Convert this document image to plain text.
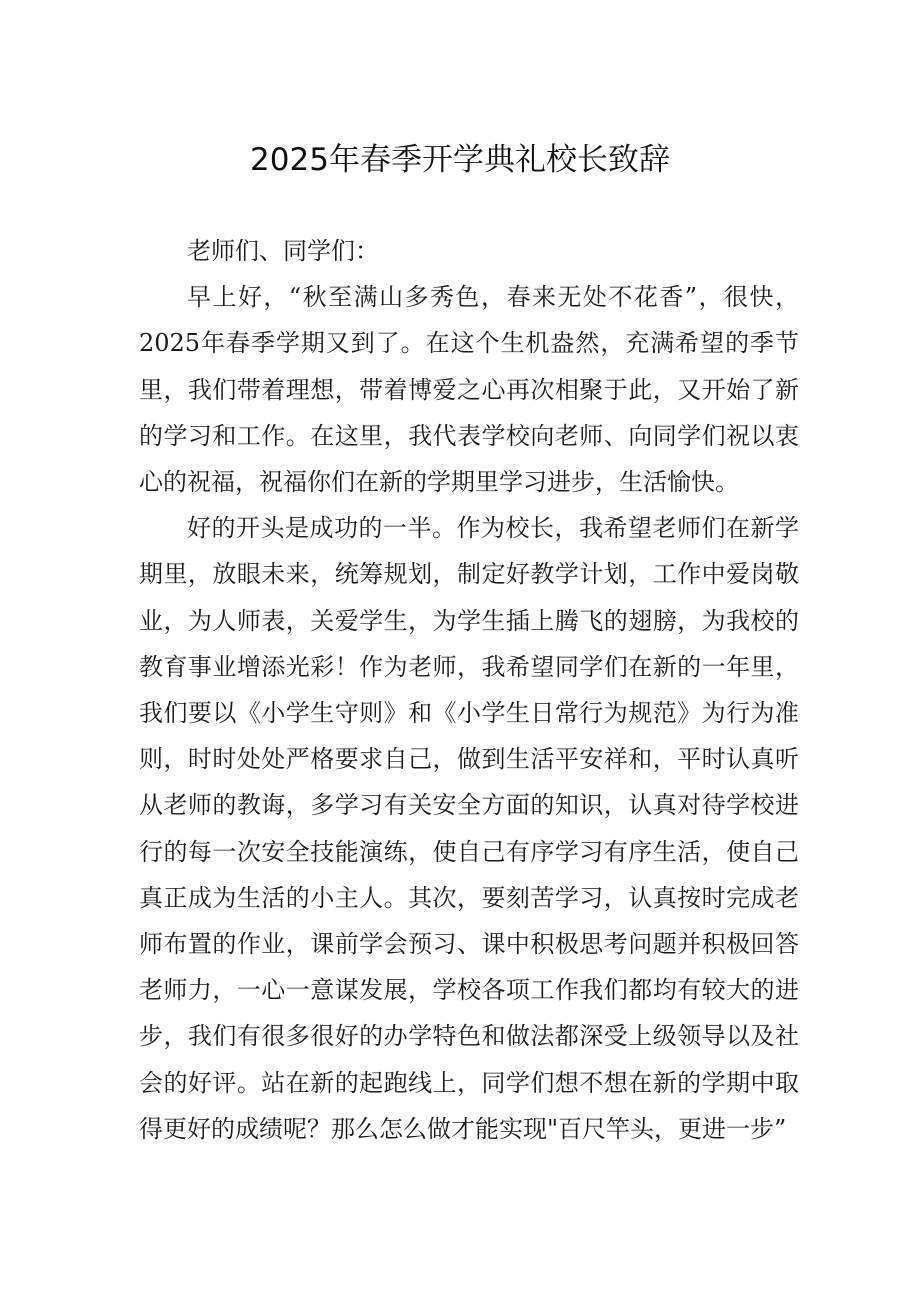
2025年春季开学典礼校长致辞

老师们、同学们：

早上好，“秋至满山多秀色，春来无处不花香”，很快，2025年春季学期又到了。在这个生机盎然，充满希望的季节里，我们带着理想，带着博爱之心再次相聚于此，又开始了新的学习和工作。在这里，我代表学校向老师、向同学们祝以衷心的祝福，祝福你们在新的学期里学习进步，生活愉快。

好的开头是成功的一半。作为校长，我希望老师们在新学期里，放眼未来，统筹规划，制定好教学计划，工作中爱岗敬业，为人师表，关爱学生，为学生插上腾飞的翅膀，为我校的教育事业增添光彩！作为老师，我希望同学们在新的一年里，我们要以《小学生守则》和《小学生日常行为规范》为行为准则，时时处处严格要求自己，做到生活平安祥和，平时认真听从老师的教诲，多学习有关安全方面的知识，认真对待学校进行的每一次安全技能演练，使自己有序学习有序生活，使自己真正成为生活的小主人。其次，要刻苦学习，认真按时完成老师布置的作业，课前学会预习、课中积极思考问题并积极回答老师力，一心一意谋发展，学校各项工作我们都均有较大的进步，我们有很多很好的办学特色和做法都深受上级领导以及社会的好评。站在新的起跑线上，同学们想不想在新的学期中取得更好的成绩呢？那么怎么做才能实现"百尺竿头，更进一步”
